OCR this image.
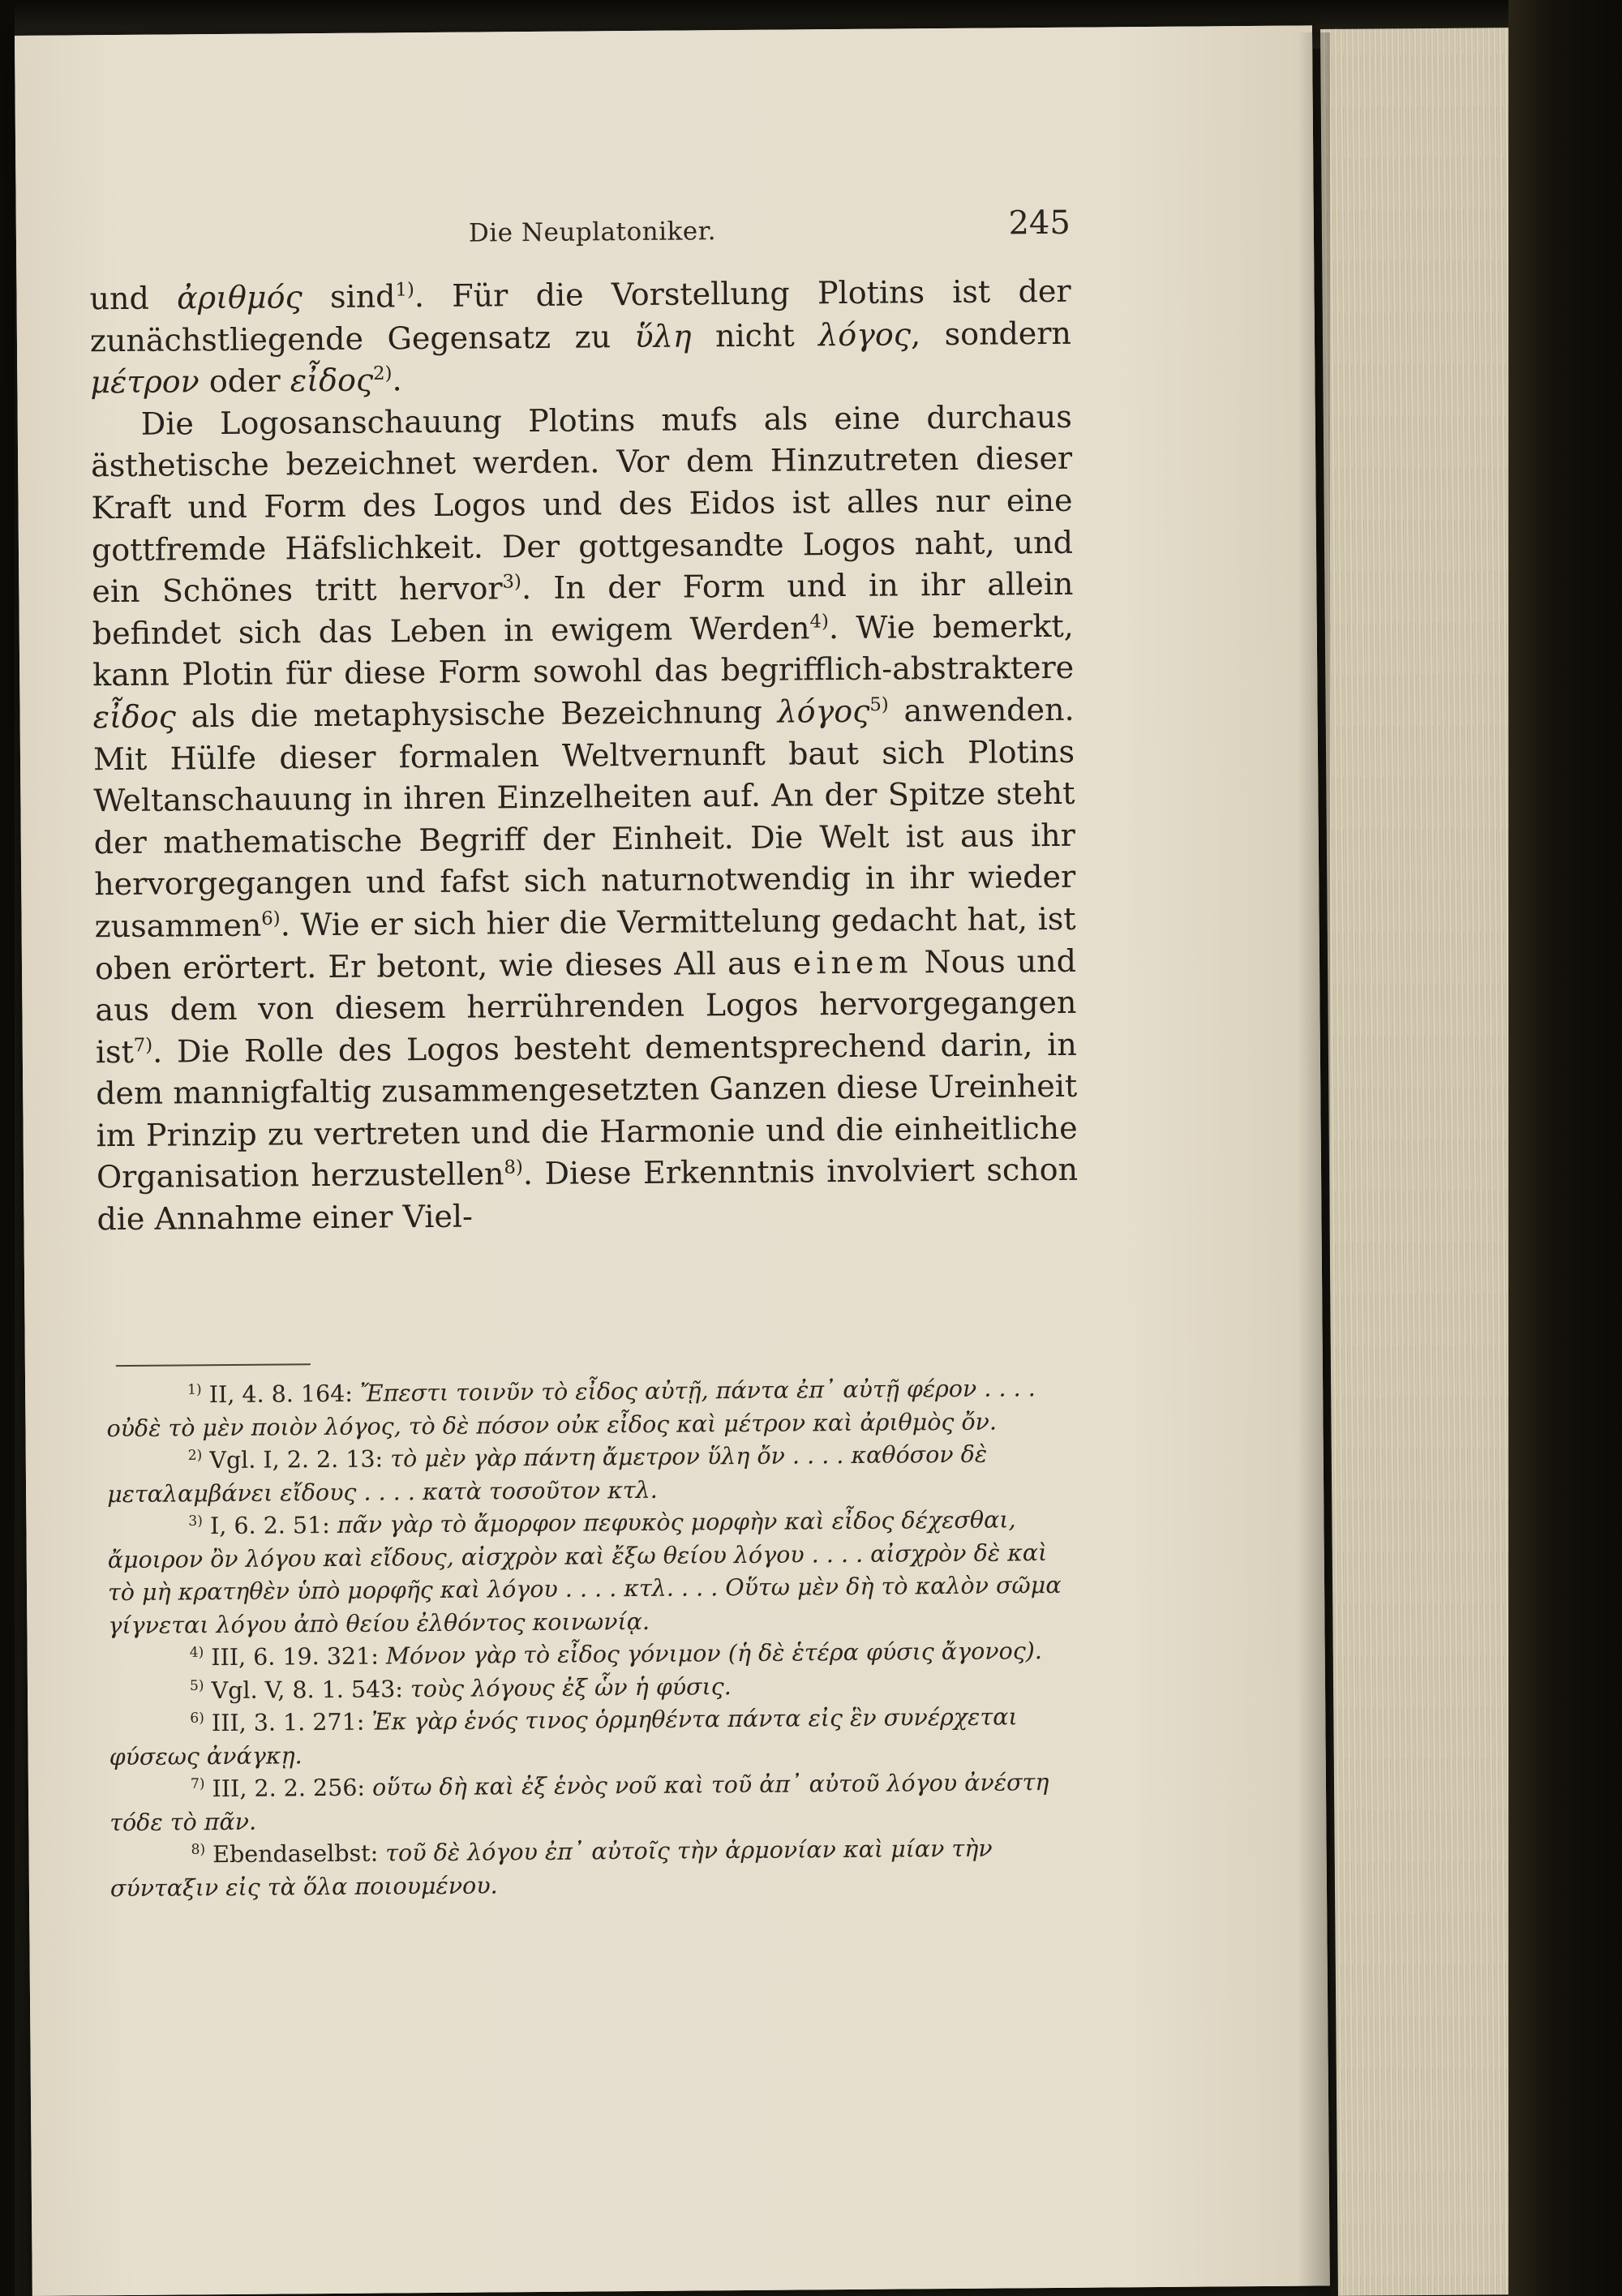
Die Neuplatoniker.	245

und ἀριθμός sind$^{1)}$. Für die Vorstellung Plotins ist der zunächstliegende Gegensatz zu ὕλη nicht λόγος, sondern μέτρον oder εἶδος$^{2)}$.

Die Logosanschauung Plotins mufs als eine durchaus ästhetische bezeichnet werden. Vor dem Hinzutreten dieser Kraft und Form des Logos und des Eidos ist alles nur eine gottfremde Häfslichkeit. Der gottgesandte Logos naht, und ein Schönes tritt hervor$^{3)}$. In der Form und in ihr allein befindet sich das Leben in ewigem Werden$^{4)}$. Wie bemerkt, kann Plotin für diese Form sowohl das begrifflich-abstraktere εἶδος als die metaphysische Bezeichnung λόγος$^{5)}$ anwenden. Mit Hülfe dieser formalen Weltvernunft baut sich Plotins Weltanschauung in ihren Einzelheiten auf. An der Spitze steht der mathematische Begriff der Einheit. Die Welt ist aus ihr hervorgegangen und fafst sich naturnotwendig in ihr wieder zusammen$^{6)}$. Wie er sich hier die Vermittelung gedacht hat, ist oben erörtert. Er betont, wie dieses All aus einem Nous und aus dem von diesem herrührenden Logos hervorgegangen ist$^{7)}$. Die Rolle des Logos besteht dementsprechend darin, in dem mannigfaltig zusammengesetzten Ganzen diese Ureinheit im Prinzip zu vertreten und die Harmonie und die einheitliche Organisation herzustellen$^{8)}$. Diese Erkenntnis involviert schon die Annahme einer Viel-

$^{1)}$ II, 4. 8. 164: Ἔπεστι τοινῦν τὸ εἶδος αὐτῇ, πάντα ἐπ᾽ αὐτῇ φέρον . . . . οὐδὲ τὸ μὲν ποιὸν λόγος, τὸ δὲ πόσον οὐκ εἶδος καὶ μέτρον καὶ ἀριθμὸς ὄν.

$^{2)}$ Vgl. I, 2. 2. 13: τὸ μὲν γὰρ πάντη ἄμετρον ὕλη ὄν . . . . καθόσον δὲ μεταλαμβάνει εἴδους . . . . κατὰ τοσοῦτον κτλ.

$^{3)}$ I, 6. 2. 51: πᾶν γὰρ τὸ ἄμορφον πεφυκὸς μορφὴν καὶ εἶδος δέχεσθαι, ἄμοιρον ὂν λόγου καὶ εἴδους, αἰσχρὸν καὶ ἔξω θείου λόγου . . . . αἰσχρὸν δὲ καὶ τὸ μὴ κρατηθὲν ὑπὸ μορφῆς καὶ λόγου . . . . κτλ. . . . Οὕτω μὲν δὴ τὸ καλὸν σῶμα γίγνεται λόγου ἀπὸ θείου ἐλθόντος κοινωνίᾳ.

$^{4)}$ III, 6. 19. 321: Μόνον γὰρ τὸ εἶδος γόνιμον (ἡ δὲ ἑτέρα φύσις ἄγονος).

$^{5)}$ Vgl. V, 8. 1. 543: τοὺς λόγους ἐξ ὧν ἡ φύσις.

$^{6)}$ III, 3. 1. 271: Ἐκ γὰρ ἑνός τινος ὁρμηθέντα πάντα εἰς ἓν συνέρχεται φύσεως ἀνάγκῃ.

$^{7)}$ III, 2. 2. 256: οὕτω δὴ καὶ ἐξ ἑνὸς νοῦ καὶ τοῦ ἀπ᾽ αὐτοῦ λόγου ἀνέστη τόδε τὸ πᾶν.

$^{8)}$ Ebendaselbst: τοῦ δὲ λόγου ἐπ᾽ αὐτοῖς τὴν ἁρμονίαν καὶ μίαν τὴν σύνταξιν εἰς τὰ ὅλα ποιουμένου.
